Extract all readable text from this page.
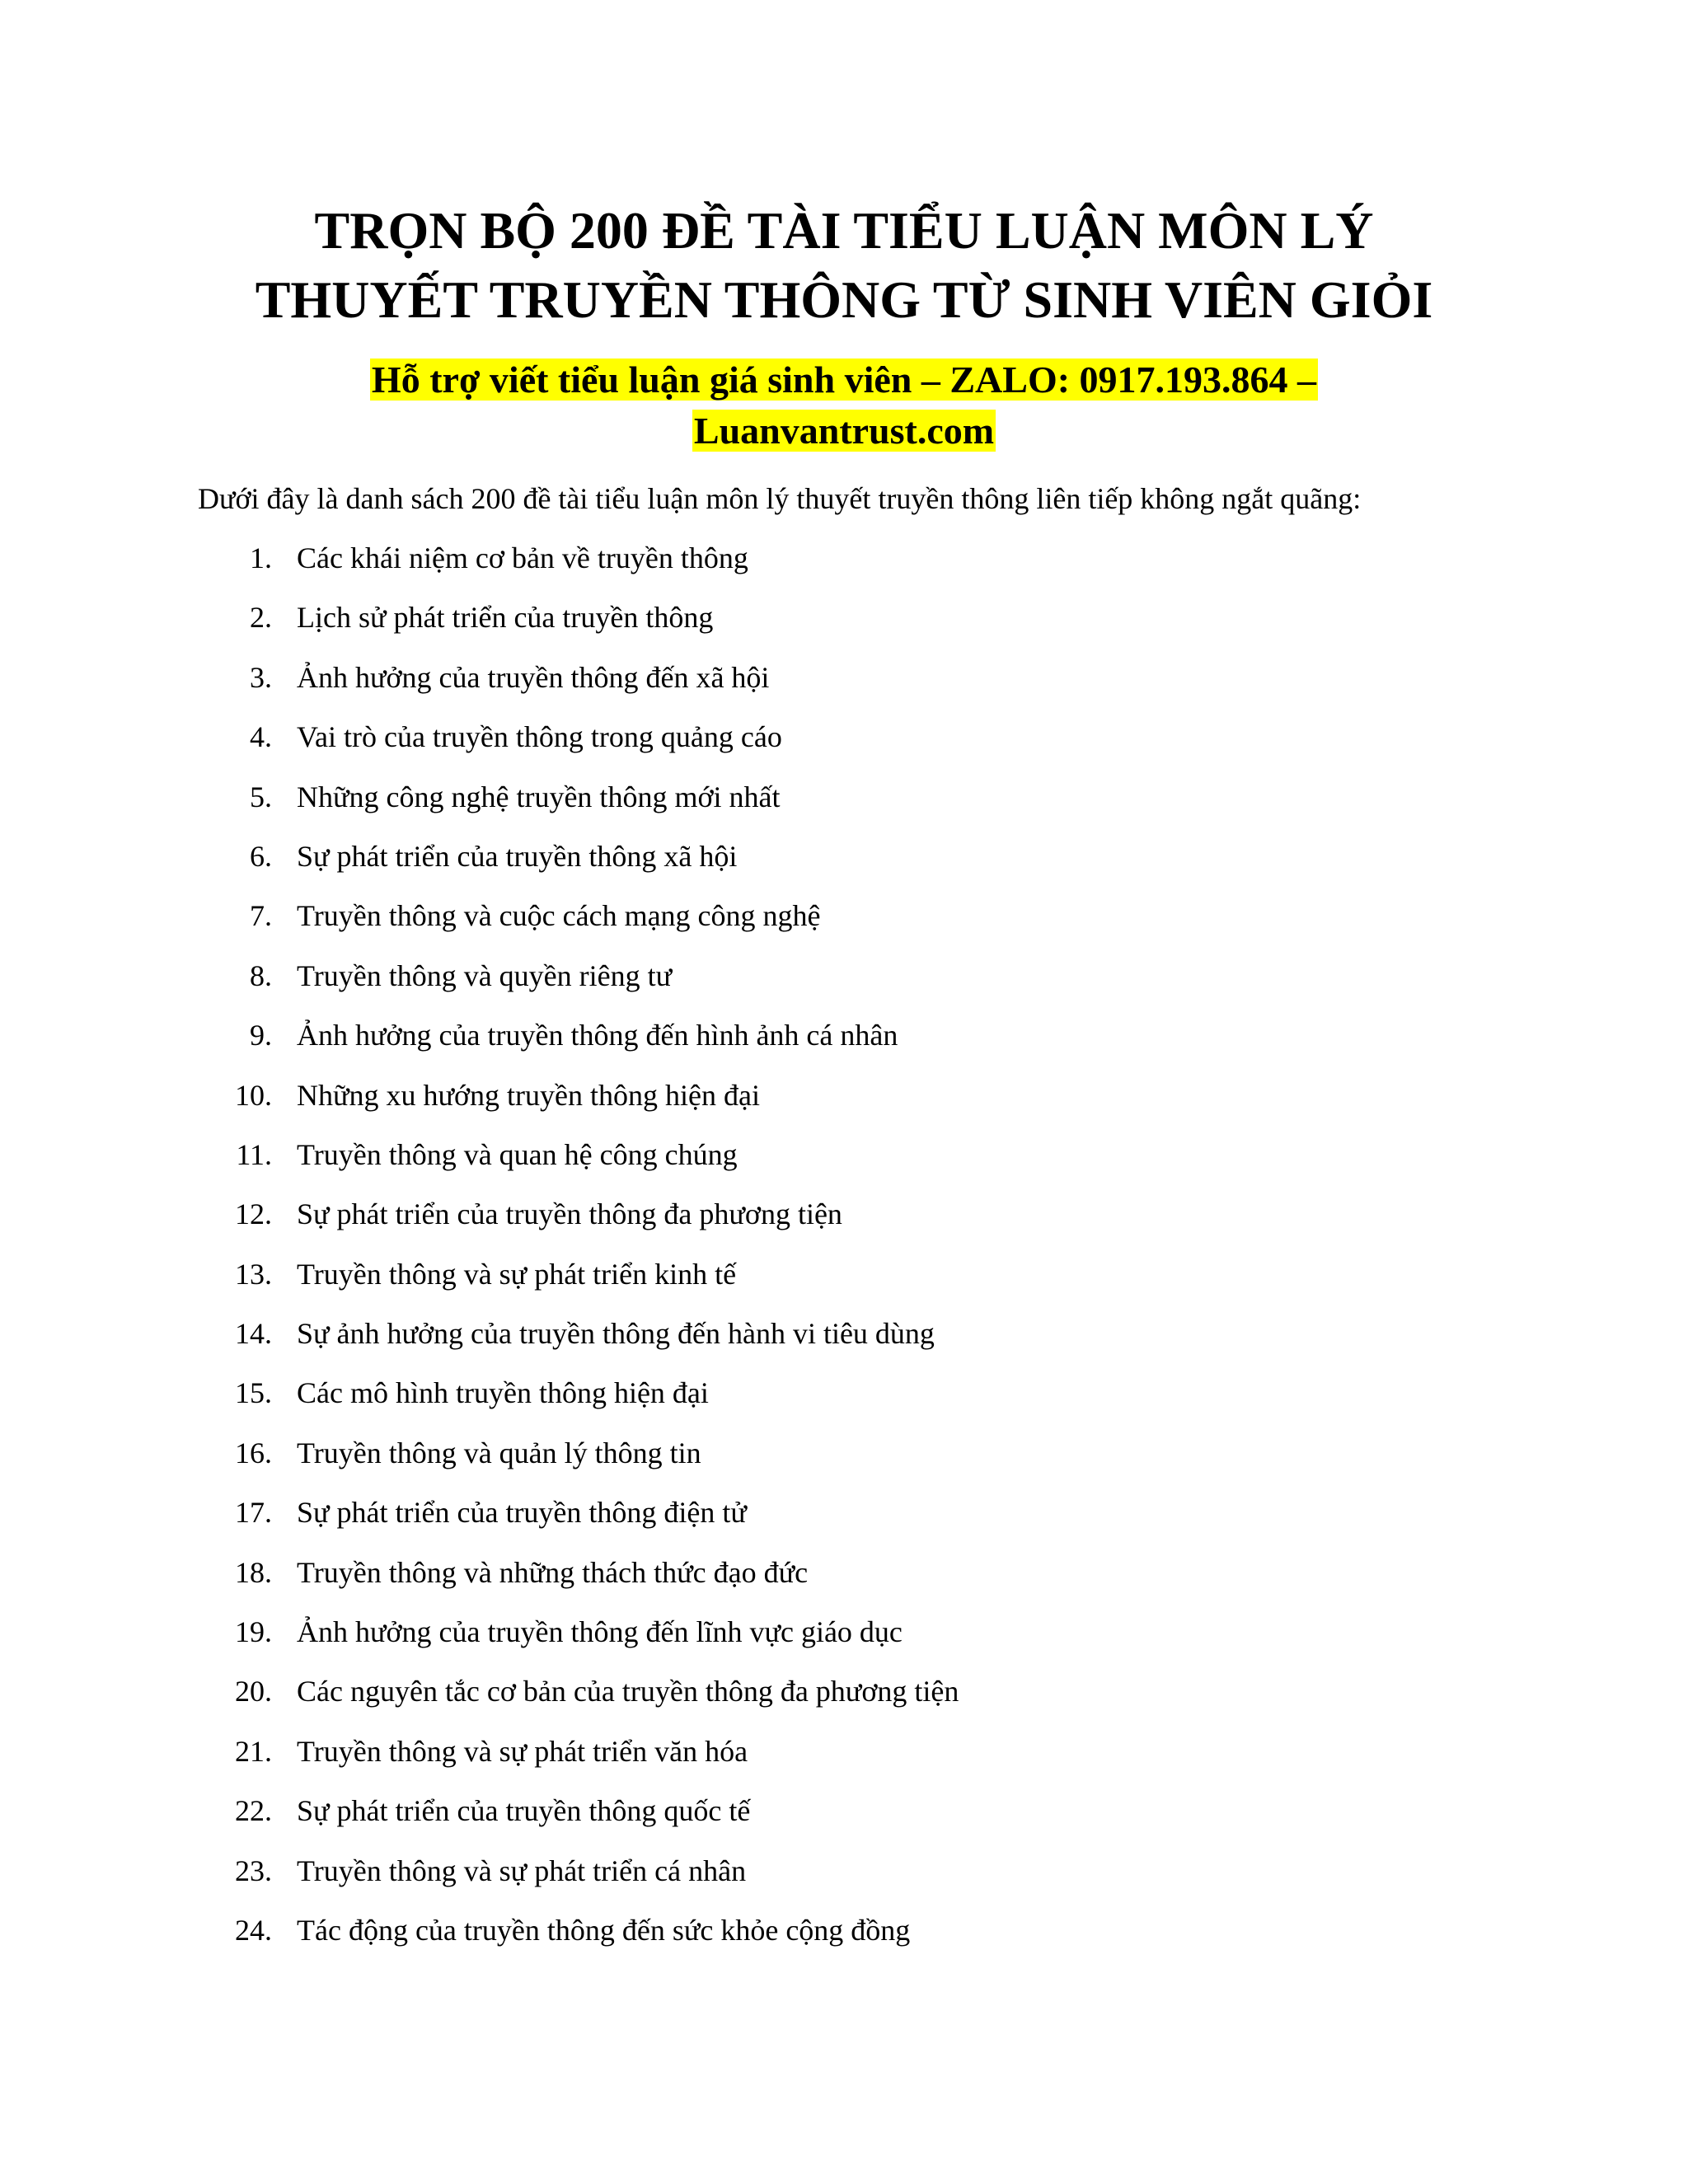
TRỌN BỘ 200 ĐỀ TÀI TIỂU LUẬN MÔN LÝ
THUYẾT TRUYỀN THÔNG TỪ SINH VIÊN GIỎI
Hỗ trợ viết tiểu luận giá sinh viên – ZALO: 0917.193.864 –
Luanvantrust.com

Dưới đây là danh sách 200 đề tài tiểu luận môn lý thuyết truyền thông liên tiếp không ngắt quãng:

1. Các khái niệm cơ bản về truyền thông
2. Lịch sử phát triển của truyền thông
3. Ảnh hưởng của truyền thông đến xã hội
4. Vai trò của truyền thông trong quảng cáo
5. Những công nghệ truyền thông mới nhất
6. Sự phát triển của truyền thông xã hội
7. Truyền thông và cuộc cách mạng công nghệ
8. Truyền thông và quyền riêng tư
9. Ảnh hưởng của truyền thông đến hình ảnh cá nhân
10. Những xu hướng truyền thông hiện đại
11. Truyền thông và quan hệ công chúng
12. Sự phát triển của truyền thông đa phương tiện
13. Truyền thông và sự phát triển kinh tế
14. Sự ảnh hưởng của truyền thông đến hành vi tiêu dùng
15. Các mô hình truyền thông hiện đại
16. Truyền thông và quản lý thông tin
17. Sự phát triển của truyền thông điện tử
18. Truyền thông và những thách thức đạo đức
19. Ảnh hưởng của truyền thông đến lĩnh vực giáo dục
20. Các nguyên tắc cơ bản của truyền thông đa phương tiện
21. Truyền thông và sự phát triển văn hóa
22. Sự phát triển của truyền thông quốc tế
23. Truyền thông và sự phát triển cá nhân
24. Tác động của truyền thông đến sức khỏe cộng đồng
